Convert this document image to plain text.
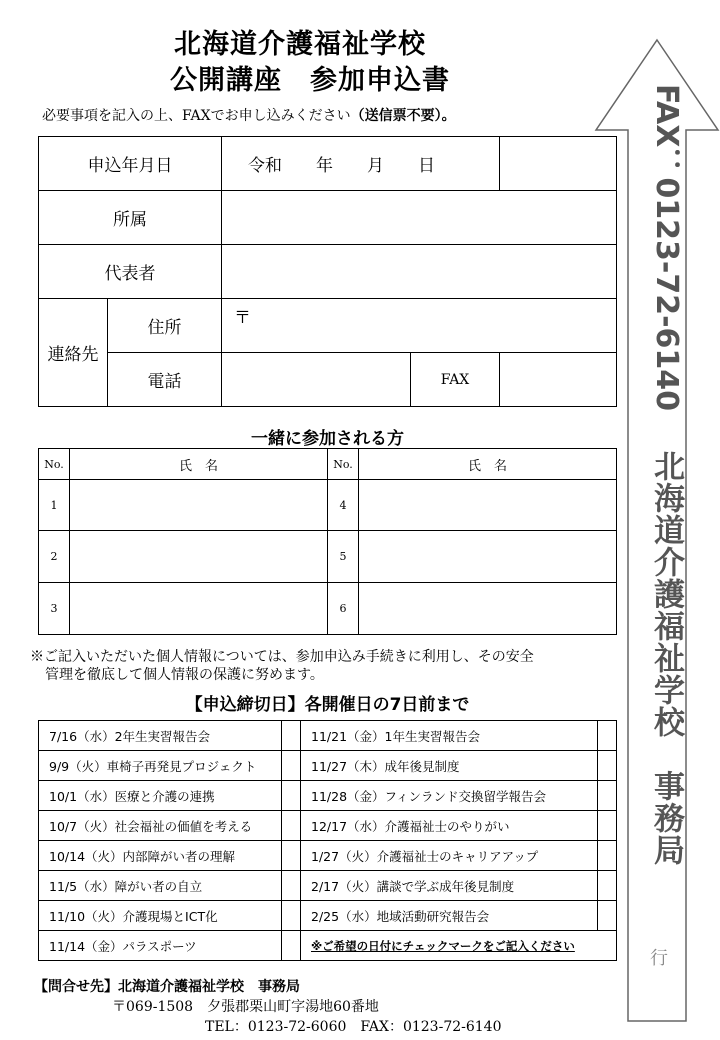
北海道介護福祉学校
公開講座　参加申込書
必要事項を記入の上、FAXでお申し込みください（送信票不要）。
申込年月日		令和　　年　　月　　日		
所属				
代表者				
連絡先	住所	〒		
	電話		FAX	
一緒に参加される方
No.	氏　名	No.	氏　名
1		4	
2		5	
3		6	
※ご記入いただいた個人情報については、参加申込み手続きに利用し、その安全
管理を徹底して個人情報の保護に努めます。
【申込締切日】各開催日の7日前まで
7/16（水）2年生実習報告会		11/21（金）1年生実習報告会	
9/9（火）車椅子再発見プロジェクト		11/27（木）成年後見制度	
10/1（水）医療と介護の連携		11/28（金）フィンランド交換留学報告会	
10/7（火）社会福祉の価値を考える		12/17（水）介護福祉士のやりがい	
10/14（火）内部障がい者の理解		1/27（火）介護福祉士のキャリアアップ	
11/5（水）障がい者の自立		2/17（火）講談で学ぶ成年後見制度	
11/10（火）介護現場とICT化		2/25（水）地域活動研究報告会	
11/14（金）パラスポーツ		※ご希望の日付にチェックマークをご記入ください	
【問合せ先】北海道介護福祉学校　事務局
〒069-1508　夕張郡栗山町字湯地60番地
TEL：0123-72-6060　FAX：0123-72-6140
FAX：0123-72-6140
北海道介護福祉学校　事務局
行
